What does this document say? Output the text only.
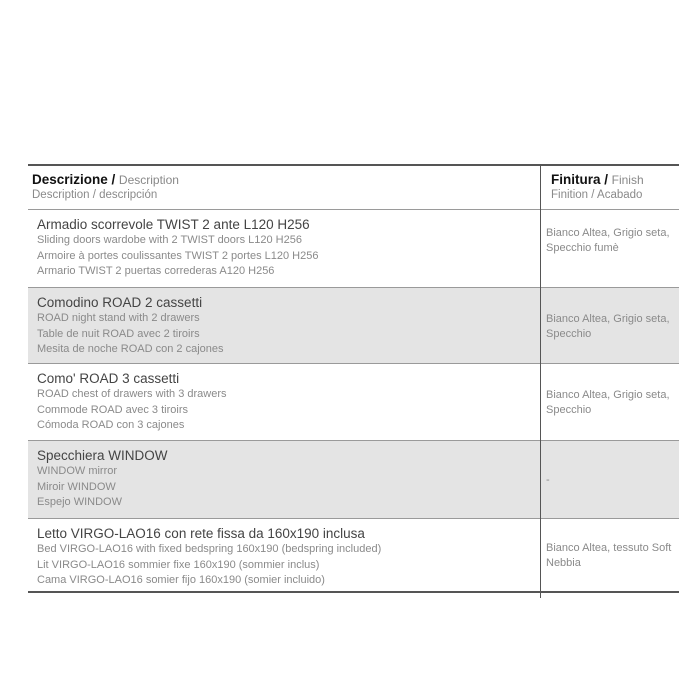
Descrizione / Description
Description / descripción
Finitura / Finish
Finition / Acabado
Armadio scorrevole TWIST 2 ante L120 H256
Sliding doors wardobe with 2 TWIST doors L120 H256
Armoire à portes coulissantes TWIST 2 portes L120 H256
Armario TWIST 2 puertas correderas A120 H256
Bianco Altea, Grigio seta, Specchio fumè
Comodino ROAD 2 cassetti
ROAD night stand with 2 drawers
Table de nuit ROAD avec 2 tiroirs
Mesita de noche ROAD con 2 cajones
Bianco Altea, Grigio seta, Specchio
Como' ROAD 3 cassetti
ROAD chest of drawers with 3 drawers
Commode ROAD avec 3 tiroirs
Cómoda ROAD con 3 cajones
Bianco Altea, Grigio seta, Specchio
Specchiera WINDOW
WINDOW mirror
Miroir WINDOW
Espejo WINDOW
-
Letto VIRGO-LAO16 con rete fissa da 160x190 inclusa
Bed VIRGO-LAO16 with fixed bedspring 160x190 (bedspring included)
Lit VIRGO-LAO16 sommier fixe 160x190 (sommier inclus)
Cama VIRGO-LAO16 somier fijo 160x190 (somier incluido)
Bianco Altea, tessuto Soft Nebbia
